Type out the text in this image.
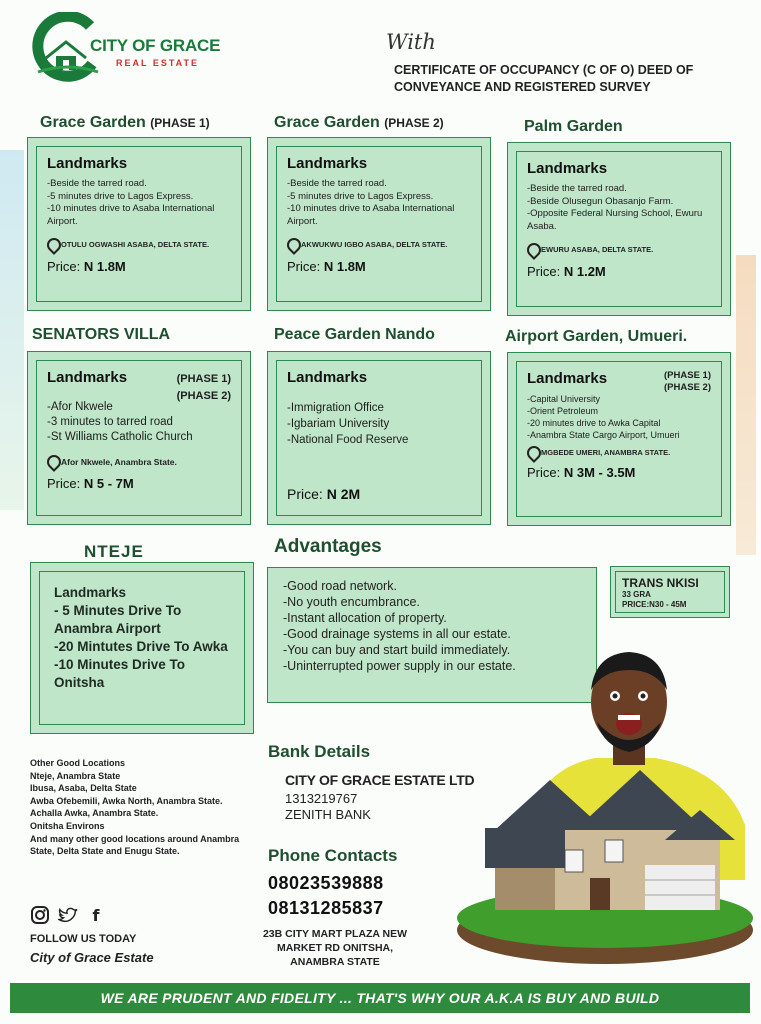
CITY OF GRACE
REAL ESTATE
With
CERTIFICATE OF OCCUPANCY (C OF O) DEED OF CONVEYANCE AND REGISTERED SURVEY
Grace Garden (PHASE 1)
Landmarks
-Beside the tarred road.
-5 minutes drive to Lagos Express.
-10 minutes drive to Asaba International Airport.
OTULU OGWASHI ASABA, DELTA STATE.
Price: N 1.8M
Grace Garden (PHASE 2)
Landmarks
-Beside the tarred road.
-5 minutes drive to Lagos Express.
-10 minutes drive to Asaba International Airport.
AKWUKWU IGBO ASABA, DELTA STATE.
Price: N 1.8M
Palm Garden
Landmarks
-Beside the tarred road.
-Beside Olusegun Obasanjo Farm.
-Opposite Federal Nursing School, Ewuru Asaba.
EWURU ASABA, DELTA STATE.
Price: N 1.2M
SENATORS VILLA
(PHASE 1)
(PHASE 2)
Landmarks
-Afor Nkwele
-3 minutes to tarred road
-St Williams Catholic Church
Afor Nkwele, Anambra State.
Price: N 5 - 7M
Peace Garden Nando
Landmarks
-Immigration Office
-Igbariam University
-National Food Reserve
Price: N 2M
Airport Garden, Umueri.
(PHASE 1)
(PHASE 2)
Landmarks
-Capital University
-Orient Petroleum
-20 minutes drive to Awka Capital
-Anambra State Cargo Airport, Umueri
MGBEDE UMERI, ANAMBRA STATE.
Price: N 3M - 3.5M
NTEJE
Landmarks
- 5 Minutes Drive To Anambra Airport
-20 Mintutes Drive To Awka
-10 Minutes Drive To Onitsha
Advantages
-Good road network.
-No youth encumbrance.
-Instant allocation of property.
-Good drainage systems in all our estate.
-You can buy and start build immediately.
-Uninterrupted power supply in our estate.
TRANS NKISI
33 GRA
PRICE:N30 - 45M
Other Good Locations
Nteje, Anambra State
Ibusa, Asaba, Delta State
Awba Ofebemili, Awka North, Anambra State.
Achalla Awka, Anambra State.
Onitsha Environs
And many other good locations around Anambra State, Delta State and Enugu State.
f
FOLLOW US TODAY
City of Grace Estate
Bank Details
CITY OF GRACE ESTATE LTD
1313219767
ZENITH BANK
Phone Contacts
08023539888
08131285837
23B CITY MART PLAZA NEW MARKET RD ONITSHA, ANAMBRA STATE
WE ARE PRUDENT AND FIDELITY ... THAT'S WHY OUR A.K.A IS BUY AND BUILD
